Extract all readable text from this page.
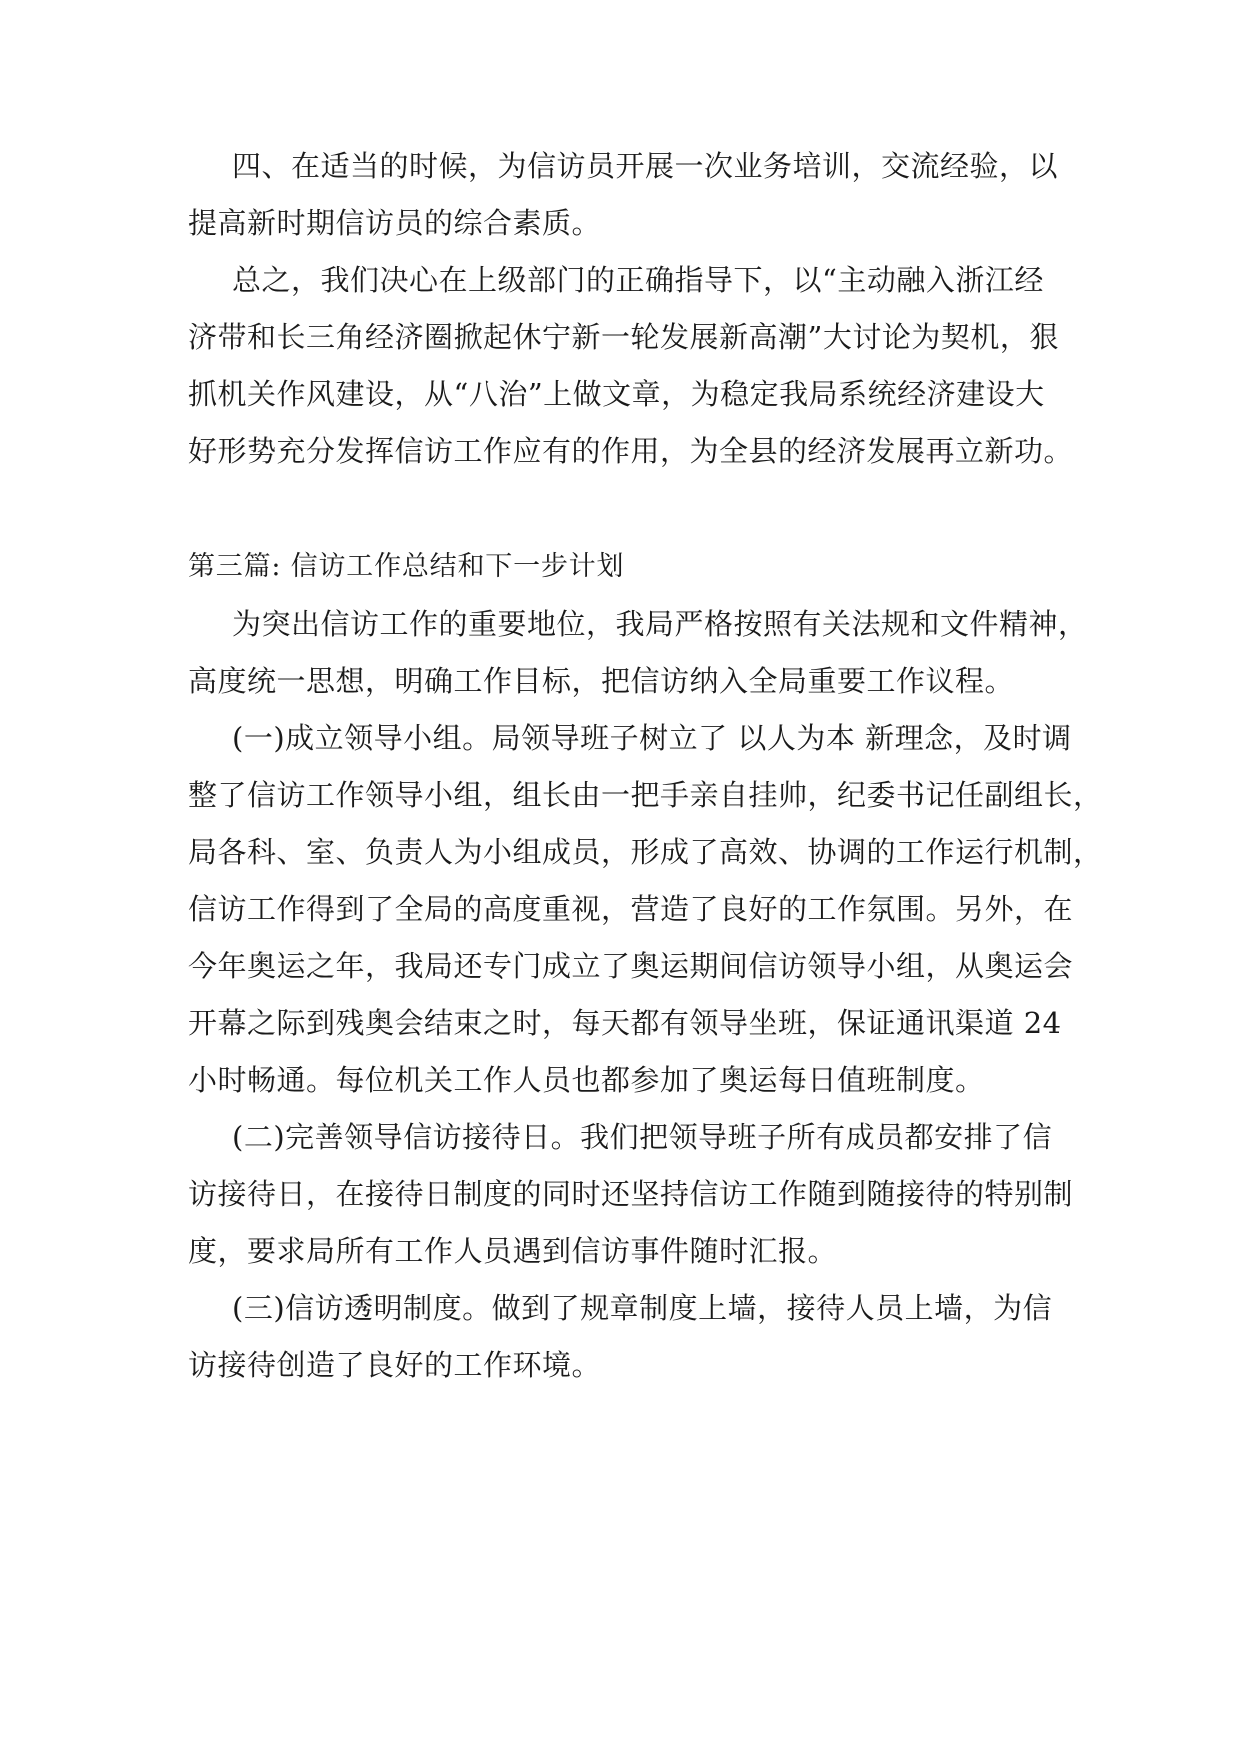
四、在适当的时候，为信访员开展一次业务培训，交流经验，以
提高新时期信访员的综合素质。
总之，我们决心在上级部门的正确指导下，以“主动融入浙江经
济带和长三角经济圈掀起休宁新一轮发展新高潮”大讨论为契机，狠
抓机关作风建设，从“八治”上做文章，为稳定我局系统经济建设大
好形势充分发挥信访工作应有的作用，为全县的经济发展再立新功。
第三篇: 信访工作总结和下一步计划
为突出信访工作的重要地位，我局严格按照有关法规和文件精神，
高度统一思想，明确工作目标，把信访纳入全局重要工作议程。
(一)成立领导小组。局领导班子树立了 以人为本 新理念，及时调
整了信访工作领导小组，组长由一把手亲自挂帅，纪委书记任副组长，
局各科、室、负责人为小组成员，形成了高效、协调的工作运行机制，
信访工作得到了全局的高度重视，营造了良好的工作氛围。另外，在
今年奥运之年，我局还专门成立了奥运期间信访领导小组，从奥运会
开幕之际到残奥会结束之时，每天都有领导坐班，保证通讯渠道 24
小时畅通。每位机关工作人员也都参加了奥运每日值班制度。
(二)完善领导信访接待日。我们把领导班子所有成员都安排了信
访接待日，在接待日制度的同时还坚持信访工作随到随接待的特别制
度，要求局所有工作人员遇到信访事件随时汇报。
(三)信访透明制度。做到了规章制度上墙，接待人员上墙，为信
访接待创造了良好的工作环境。
